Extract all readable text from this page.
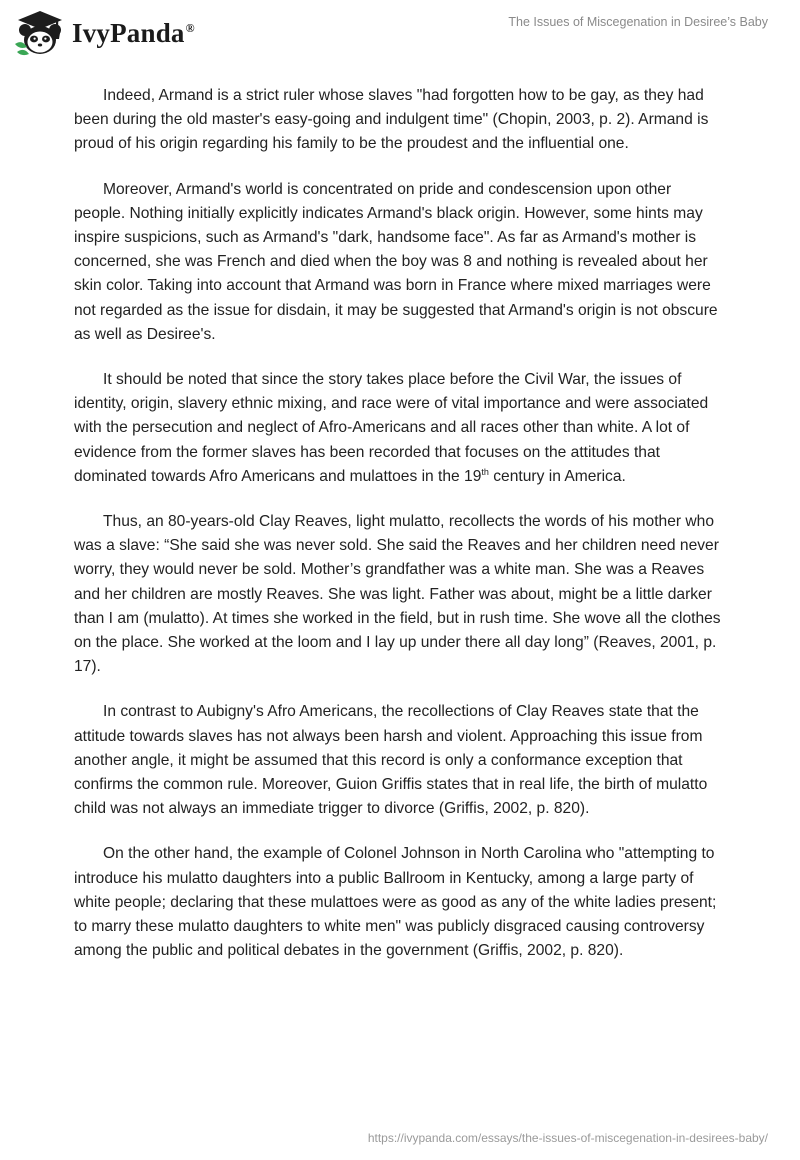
IvyPanda®	The Issues of Miscegenation in Desiree’s Baby

Indeed, Armand is a strict ruler whose slaves "had forgotten how to be gay, as they had been during the old master's easy-going and indulgent time" (Chopin, 2003, p. 2). Armand is proud of his origin regarding his family to be the proudest and the influential one.

Moreover, Armand's world is concentrated on pride and condescension upon other people. Nothing initially explicitly indicates Armand's black origin. However, some hints may inspire suspicions, such as Armand's "dark, handsome face". As far as Armand's mother is concerned, she was French and died when the boy was 8 and nothing is revealed about her skin color. Taking into account that Armand was born in France where mixed marriages were not regarded as the issue for disdain, it may be suggested that Armand's origin is not obscure as well as Desiree's.

It should be noted that since the story takes place before the Civil War, the issues of identity, origin, slavery ethnic mixing, and race were of vital importance and were associated with the persecution and neglect of Afro-Americans and all races other than white. A lot of evidence from the former slaves has been recorded that focuses on the attitudes that dominated towards Afro Americans and mulattoes in the 19th century in America.

Thus, an 80-years-old Clay Reaves, light mulatto, recollects the words of his mother who was a slave: “She said she was never sold. She said the Reaves and her children need never worry, they would never be sold. Mother’s grandfather was a white man. She was a Reaves and her children are mostly Reaves. She was light. Father was about, might be a little darker than I am (mulatto). At times she worked in the field, but in rush time. She wove all the clothes on the place. She worked at the loom and I lay up under there all day long” (Reaves, 2001, p. 17).

In contrast to Aubigny's Afro Americans, the recollections of Clay Reaves state that the attitude towards slaves has not always been harsh and violent. Approaching this issue from another angle, it might be assumed that this record is only a conformance exception that confirms the common rule. Moreover, Guion Griffis states that in real life, the birth of mulatto child was not always an immediate trigger to divorce (Griffis, 2002, p. 820).

On the other hand, the example of Colonel Johnson in North Carolina who "attempting to introduce his mulatto daughters into a public Ballroom in Kentucky, among a large party of white people; declaring that these mulattoes were as good as any of the white ladies present; to marry these mulatto daughters to white men" was publicly disgraced causing controversy among the public and political debates in the government (Griffis, 2002, p. 820).

https://ivypanda.com/essays/the-issues-of-miscegenation-in-desirees-baby/
